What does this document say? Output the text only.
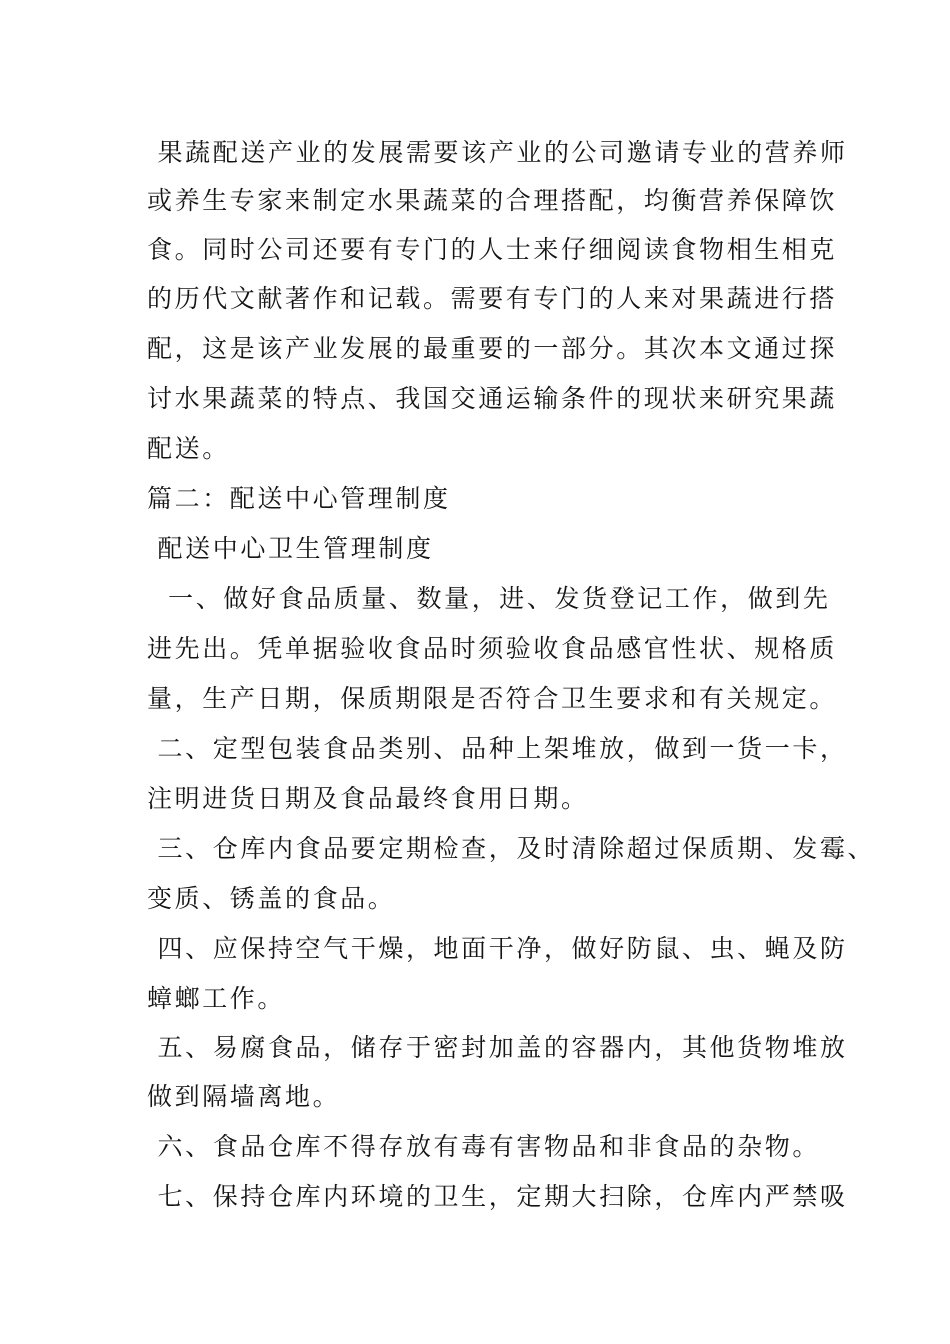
果蔬配送产业的发展需要该产业的公司邀请专业的营养师

或养生专家来制定水果蔬菜的合理搭配，均衡营养保障饮

食。同时公司还要有专门的人士来仔细阅读食物相生相克

的历代文献著作和记载。需要有专门的人来对果蔬进行搭

配，这是该产业发展的最重要的一部分。其次本文通过探

讨水果蔬菜的特点、我国交通运输条件的现状来研究果蔬

配送。

篇二：配送中心管理制度

配送中心卫生管理制度

一、做好食品质量、数量，进、发货登记工作，做到先

进先出。凭单据验收食品时须验收食品感官性状、规格质

量，生产日期，保质期限是否符合卫生要求和有关规定。

二、定型包装食品类别、品种上架堆放，做到一货一卡，

注明进货日期及食品最终食用日期。

三、仓库内食品要定期检查，及时清除超过保质期、发霉、

变质、锈盖的食品。

四、应保持空气干燥，地面干净，做好防鼠、虫、蝇及防

蟑螂工作。

五、易腐食品，储存于密封加盖的容器内，其他货物堆放

做到隔墙离地。

六、食品仓库不得存放有毒有害物品和非食品的杂物。

七、保持仓库内环境的卫生，定期大扫除，仓库内严禁吸
